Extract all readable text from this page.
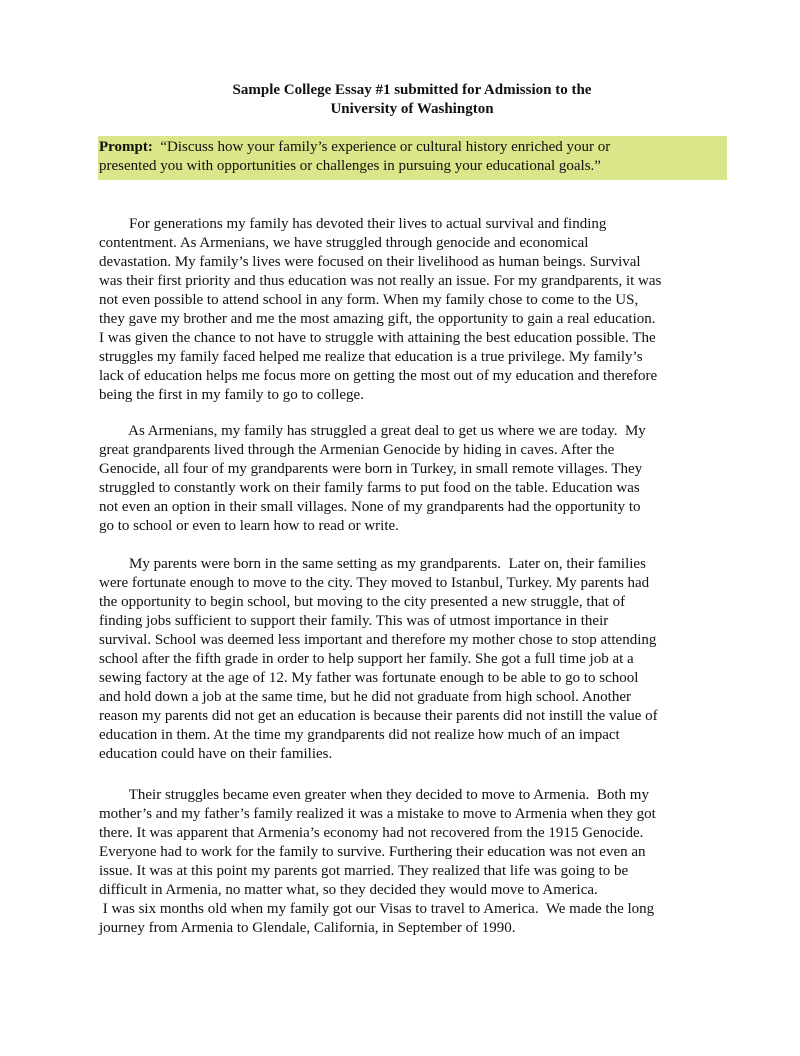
Sample College Essay #1 submitted for Admission to the
University of Washington
Prompt: “Discuss how your family’s experience or cultural history enriched your or
presented you with opportunities or challenges in pursuing your educational goals.”
For generations my family has devoted their lives to actual survival and finding
contentment. As Armenians, we have struggled through genocide and economical
devastation. My family’s lives were focused on their livelihood as human beings. Survival
was their first priority and thus education was not really an issue. For my grandparents, it was
not even possible to attend school in any form. When my family chose to come to the US,
they gave my brother and me the most amazing gift, the opportunity to gain a real education.
I was given the chance to not have to struggle with attaining the best education possible. The
struggles my family faced helped me realize that education is a true privilege. My family’s
lack of education helps me focus more on getting the most out of my education and therefore
being the first in my family to go to college.
As Armenians, my family has struggled a great deal to get us where we are today.  My
great grandparents lived through the Armenian Genocide by hiding in caves. After the
Genocide, all four of my grandparents were born in Turkey, in small remote villages. They
struggled to constantly work on their family farms to put food on the table. Education was
not even an option in their small villages. None of my grandparents had the opportunity to
go to school or even to learn how to read or write.
My parents were born in the same setting as my grandparents.  Later on, their families
were fortunate enough to move to the city. They moved to Istanbul, Turkey. My parents had
the opportunity to begin school, but moving to the city presented a new struggle, that of
finding jobs sufficient to support their family. This was of utmost importance in their
survival. School was deemed less important and therefore my mother chose to stop attending
school after the fifth grade in order to help support her family. She got a full time job at a
sewing factory at the age of 12. My father was fortunate enough to be able to go to school
and hold down a job at the same time, but he did not graduate from high school. Another
reason my parents did not get an education is because their parents did not instill the value of
education in them. At the time my grandparents did not realize how much of an impact
education could have on their families.
Their struggles became even greater when they decided to move to Armenia.  Both my
mother’s and my father’s family realized it was a mistake to move to Armenia when they got
there. It was apparent that Armenia’s economy had not recovered from the 1915 Genocide.
Everyone had to work for the family to survive. Furthering their education was not even an
issue. It was at this point my parents got married. They realized that life was going to be
difficult in Armenia, no matter what, so they decided they would move to America.
I was six months old when my family got our Visas to travel to America.  We made the long
journey from Armenia to Glendale, California, in September of 1990.
